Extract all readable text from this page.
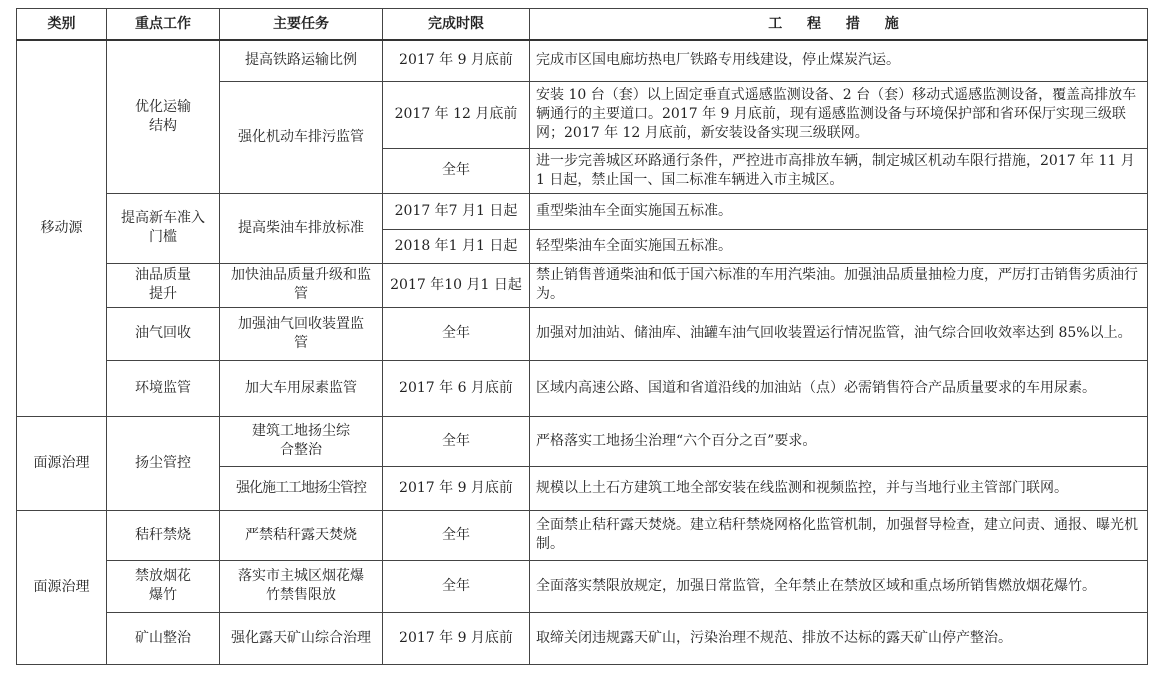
类别	重点工作	主要任务	完成时限	工 程 措 施
移动源	优化运输结构	提高铁路运输比例	2017 年 9 月底前	完成市区国电廊坊热电厂铁路专用线建设，停止煤炭汽运。
		强化机动车排污监管	2017 年 12 月底前	安装 10 台（套）以上固定垂直式遥感监测设备、2 台（套）移动式遥感监测设备，覆盖高排放车辆通行的主要道口。2017 年 9 月底前，现有遥感监测设备与环境保护部和省环保厅实现三级联网；2017 年 12 月底前，新安装设备实现三级联网。
			全年	进一步完善城区环路通行条件，严控进市高排放车辆，制定城区机动车限行措施，2017 年 11 月 1 日起，禁止国一、国二标准车辆进入市主城区。
	提高新车准入门槛	提高柴油车排放标准	2017 年7 月1 日起	重型柴油车全面实施国五标准。
			2018 年1 月1 日起	轻型柴油车全面实施国五标准。
	油品质量提升	加快油品质量升级和监管	2017 年10 月1 日起	禁止销售普通柴油和低于国六标准的车用汽柴油。加强油品质量抽检力度，严厉打击销售劣质油行为。
	油气回收	加强油气回收装置监管	全年	加强对加油站、储油库、油罐车油气回收装置运行情况监管，油气综合回收效率达到 85%以上。
	环境监管	加大车用尿素监管	2017 年 6 月底前	区域内高速公路、国道和省道沿线的加油站（点）必需销售符合产品质量要求的车用尿素。
面源治理	扬尘管控	建筑工地扬尘综合整治	全年	严格落实工地扬尘治理“六个百分之百”要求。
		强化施工工地扬尘管控	2017 年 9 月底前	规模以上土石方建筑工地全部安装在线监测和视频监控，并与当地行业主管部门联网。
面源治理	秸秆禁烧	严禁秸秆露天焚烧	全年	全面禁止秸秆露天焚烧。建立秸秆禁烧网格化监管机制，加强督导检查，建立问责、通报、曝光机制。
	禁放烟花爆竹	落实市主城区烟花爆竹禁售限放	全年	全面落实禁限放规定，加强日常监管，全年禁止在禁放区域和重点场所销售燃放烟花爆竹。
	矿山整治	强化露天矿山综合治理	2017 年 9 月底前	取缔关闭违规露天矿山，污染治理不规范、排放不达标的露天矿山停产整治。
